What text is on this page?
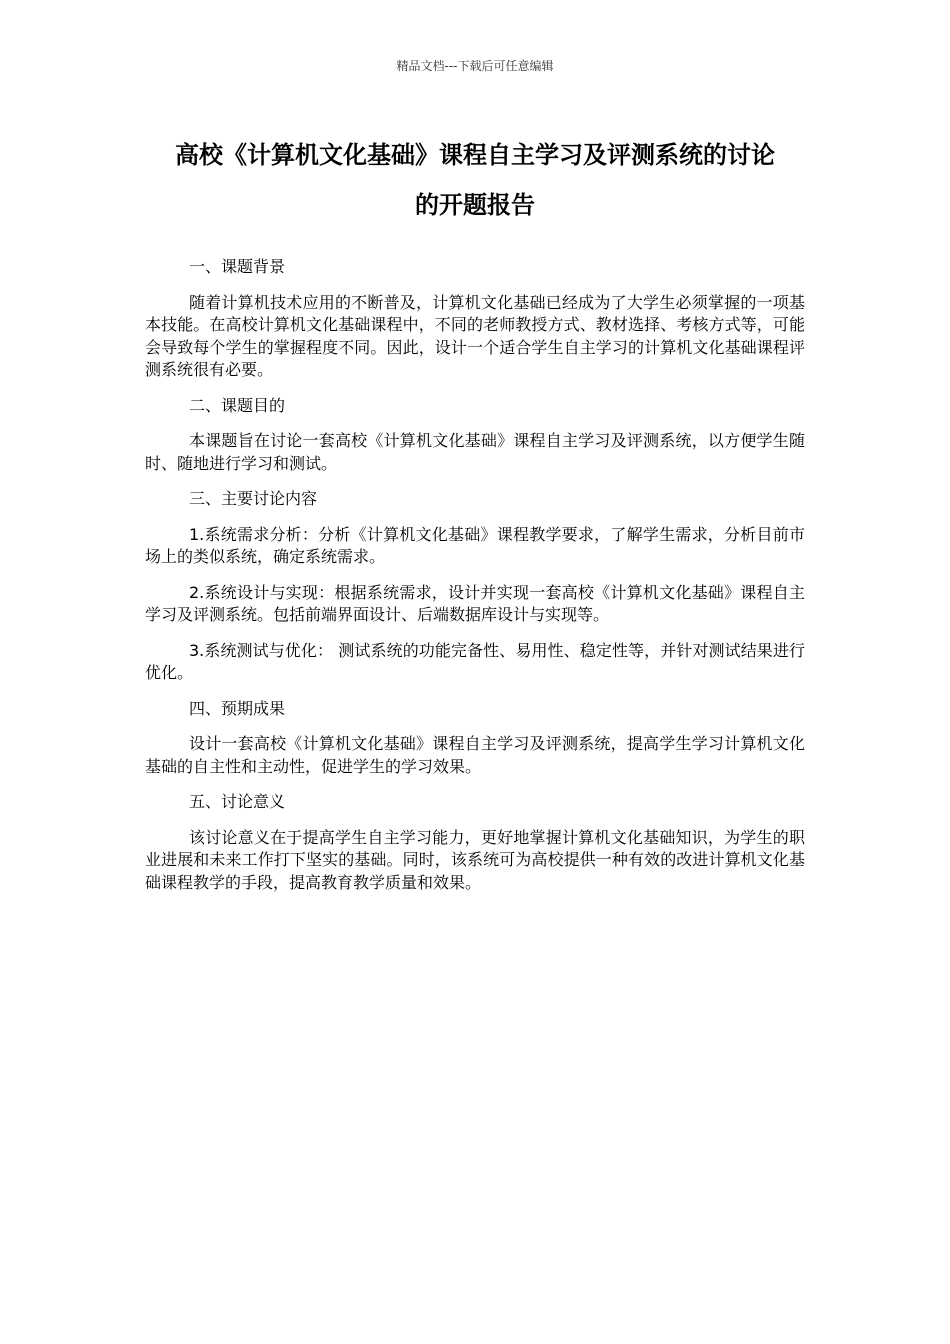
精品文档---下载后可任意编辑
高校《计算机文化基础》课程自主学习及评测系统的讨论
的开题报告

一、课题背景

随着计算机技术应用的不断普及，计算机文化基础已经成为了大学生必须掌握的一项基本技能。在高校计算机文化基础课程中，不同的老师教授方式、教材选择、考核方式等，可能会导致每个学生的掌握程度不同。因此，设计一个适合学生自主学习的计算机文化基础课程评测系统很有必要。

二、课题目的

本课题旨在讨论一套高校《计算机文化基础》课程自主学习及评测系统，以方便学生随时、随地进行学习和测试。

三、主要讨论内容

1.系统需求分析：分析《计算机文化基础》课程教学要求，了解学生需求，分析目前市场上的类似系统，确定系统需求。

2.系统设计与实现：根据系统需求，设计并实现一套高校《计算机文化基础》课程自主学习及评测系统。包括前端界面设计、后端数据库设计与实现等。

3.系统测试与优化： 测试系统的功能完备性、易用性、稳定性等，并针对测试结果进行优化。

四、预期成果

设计一套高校《计算机文化基础》课程自主学习及评测系统，提高学生学习计算机文化基础的自主性和主动性，促进学生的学习效果。

五、讨论意义

该讨论意义在于提高学生自主学习能力，更好地掌握计算机文化基础知识，为学生的职业进展和未来工作打下坚实的基础。同时，该系统可为高校提供一种有效的改进计算机文化基础课程教学的手段，提高教育教学质量和效果。
